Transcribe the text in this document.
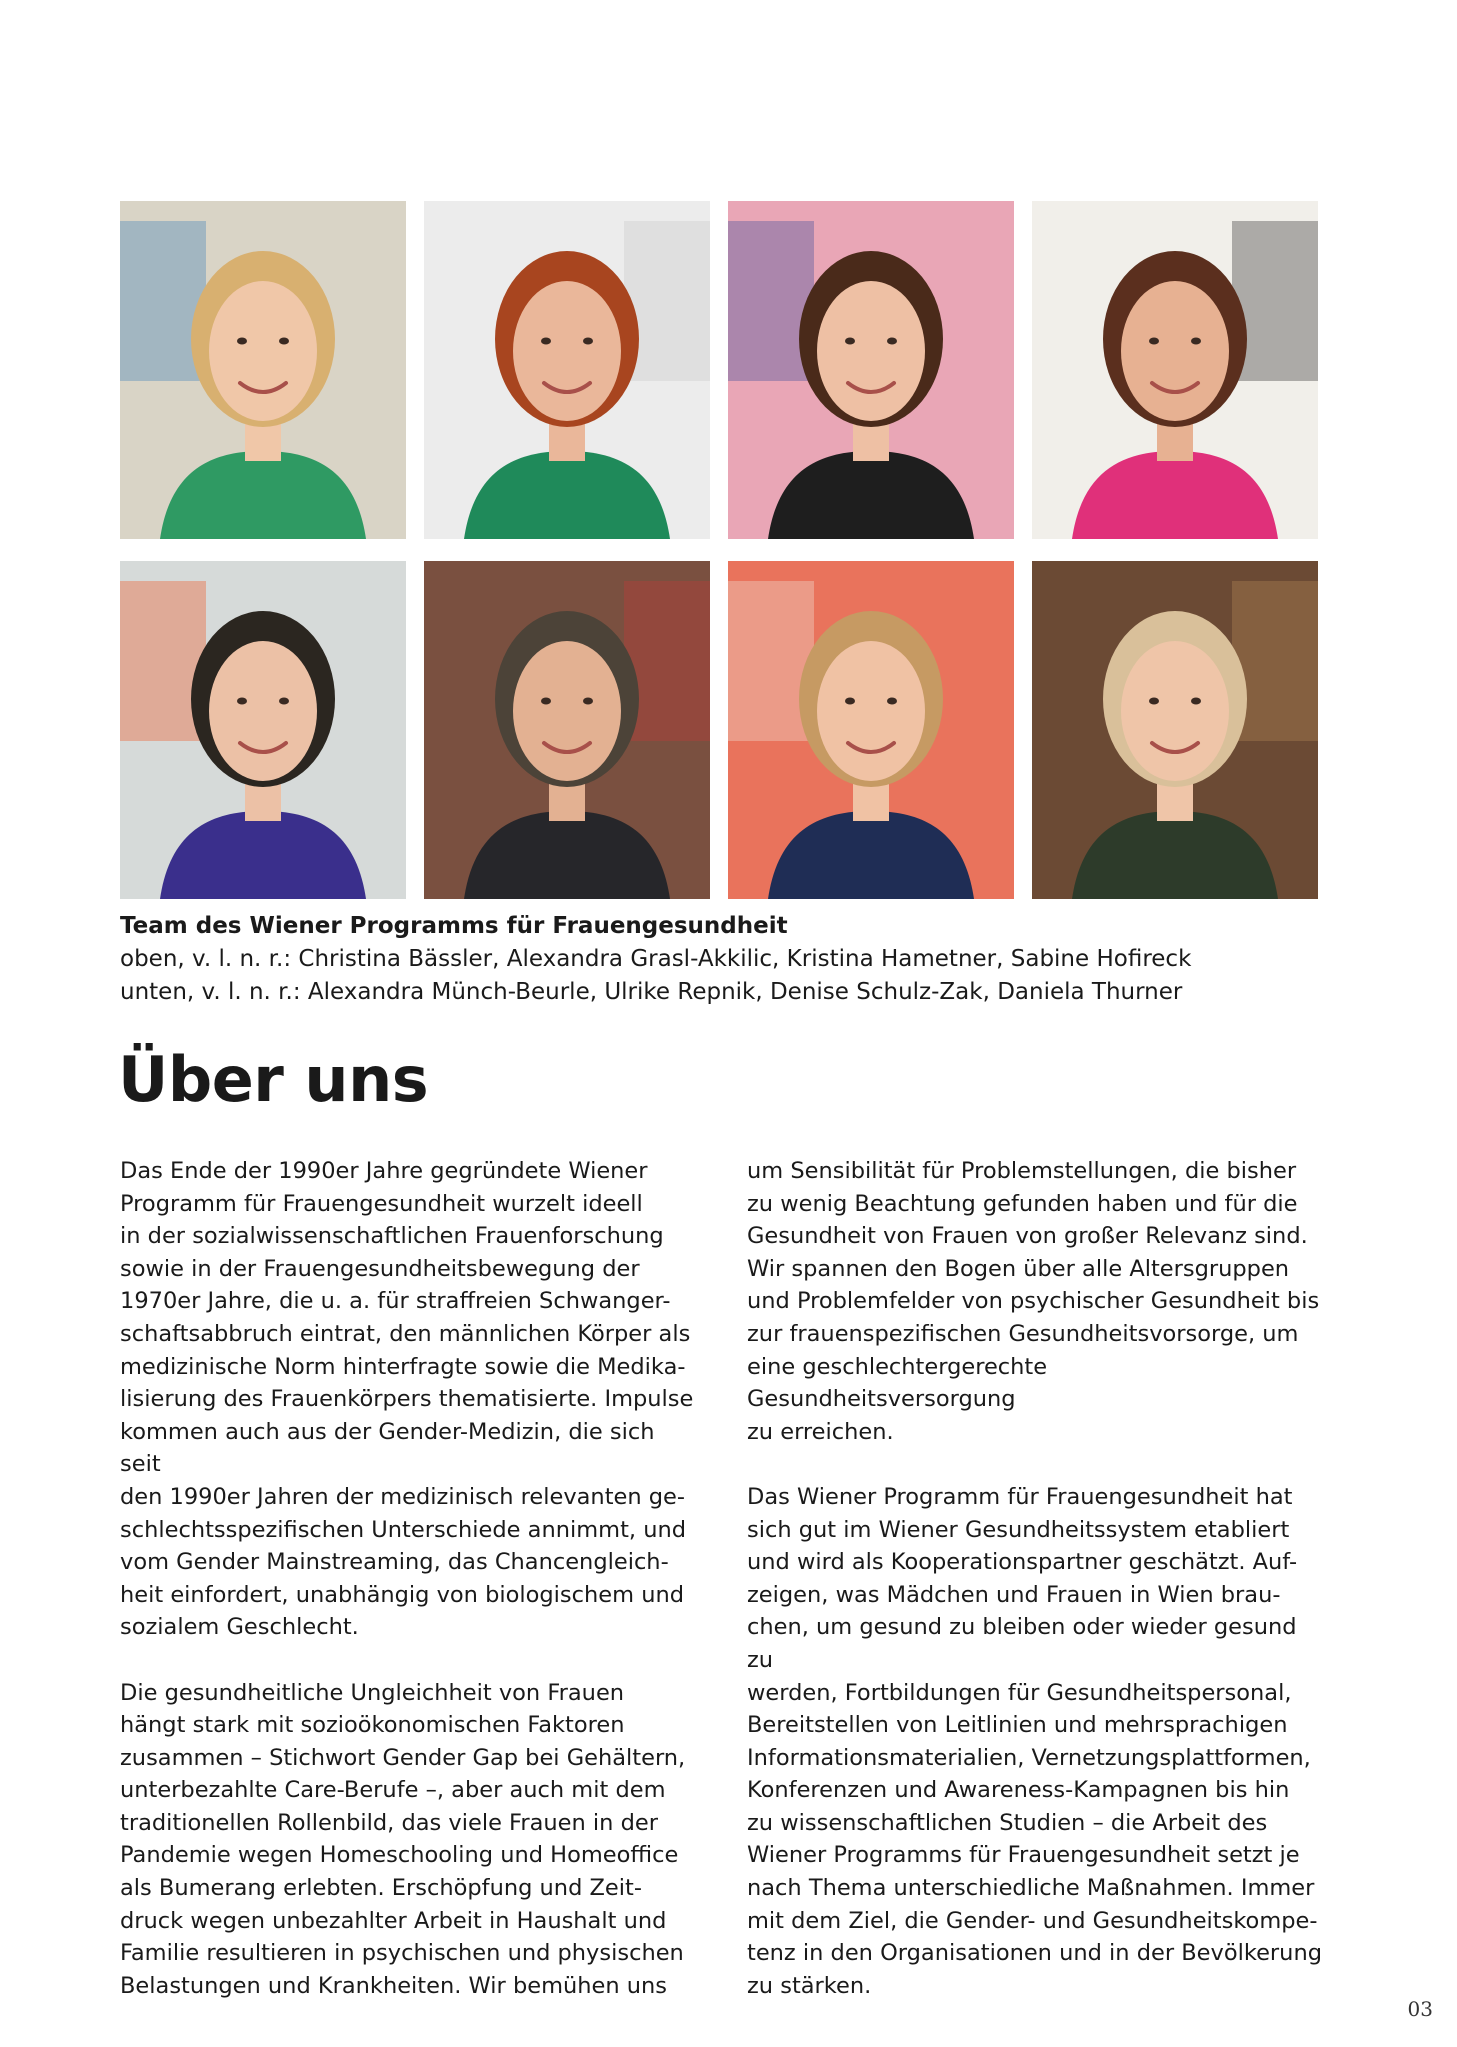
Team des Wiener Programms für Frauengesundheit
oben, v. l. n. r.: Christina Bässler, Alexandra Grasl-Akkilic, Kristina Hametner, Sabine Hofireck
unten, v. l. n. r.: Alexandra Münch-Beurle, Ulrike Repnik, Denise Schulz-Zak, Daniela Thurner
Über uns

Das Ende der 1990er Jahre gegründete Wiener
Programm für Frauengesundheit wurzelt ideell
in der sozialwissenschaftlichen Frauenforschung
sowie in der Frauengesundheitsbewegung der
1970er Jahre, die u. a. für straffreien Schwanger-
schaftsabbruch eintrat, den männlichen Körper als
medizinische Norm hinterfragte sowie die Medika-
lisierung des Frauenkörpers thematisierte. Impulse
kommen auch aus der Gender-Medizin, die sich seit
den 1990er Jahren der medizinisch relevanten ge-
schlechtsspezifischen Unterschiede annimmt, und
vom Gender Mainstreaming, das Chancengleich-
heit einfordert, unabhängig von biologischem und
sozialem Geschlecht.

Die gesundheitliche Ungleichheit von Frauen
hängt stark mit sozioökonomischen Faktoren
zusammen – Stichwort Gender Gap bei Gehältern,
unterbezahlte Care-Berufe –, aber auch mit dem
traditionellen Rollenbild, das viele Frauen in der
Pandemie wegen Homeschooling und Homeoffice
als Bumerang erlebten. Erschöpfung und Zeit-
druck wegen unbezahlter Arbeit in Haushalt und
Familie resultieren in psychischen und physischen
Belastungen und Krankheiten. Wir bemühen uns

um Sensibilität für Problemstellungen, die bisher
zu wenig Beachtung gefunden haben und für die
Gesundheit von Frauen von großer Relevanz sind.
Wir spannen den Bogen über alle Altersgruppen
und Problemfelder von psychischer Gesundheit bis
zur frauenspezifischen Gesundheitsvorsorge, um
eine geschlechtergerechte Gesundheitsversorgung
zu erreichen.

Das Wiener Programm für Frauengesundheit hat
sich gut im Wiener Gesundheitssystem etabliert
und wird als Kooperationspartner geschätzt. Auf-
zeigen, was Mädchen und Frauen in Wien brau-
chen, um gesund zu bleiben oder wieder gesund zu
werden, Fortbildungen für Gesundheitspersonal,
Bereitstellen von Leitlinien und mehrsprachigen
Informationsmaterialien, Vernetzungsplattformen,
Konferenzen und Awareness-Kampagnen bis hin
zu wissenschaftlichen Studien – die Arbeit des
Wiener Programms für Frauengesundheit setzt je
nach Thema unterschiedliche Maßnahmen. Immer
mit dem Ziel, die Gender- und Gesundheitskompe-
tenz in den Organisationen und in der Bevölkerung
zu stärken.

03
